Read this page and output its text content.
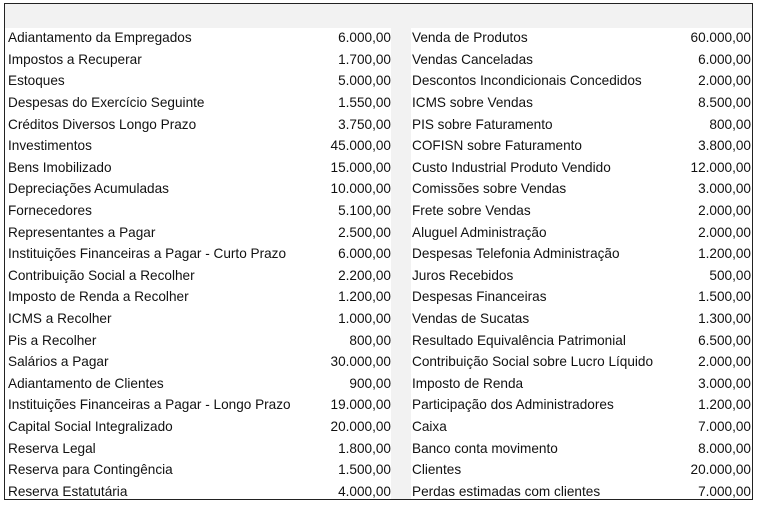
Adiantamento da Empregados	6.000,00
Impostos a Recuperar	1.700,00
Estoques	5.000,00
Despesas do Exercício Seguinte	1.550,00
Créditos Diversos Longo Prazo	3.750,00
Investimentos	45.000,00
Bens Imobilizado	15.000,00
Depreciações Acumuladas	10.000,00
Fornecedores	5.100,00
Representantes a Pagar	2.500,00
Instituições Financeiras a Pagar - Curto Prazo	6.000,00
Contribuição Social a Recolher	2.200,00
Imposto de Renda a Recolher	1.200,00
ICMS a Recolher	1.000,00
Pis a Recolher	800,00
Salários a Pagar	30.000,00
Adiantamento de Clientes	900,00
Instituições Financeiras a Pagar - Longo Prazo	19.000,00
Capital Social Integralizado	20.000,00
Reserva Legal	1.800,00
Reserva para Contingência	1.500,00
Reserva Estatutária	4.000,00
Venda de Produtos	60.000,00
Vendas Canceladas	6.000,00
Descontos Incondicionais Concedidos	2.000,00
ICMS sobre Vendas	8.500,00
PIS sobre Faturamento	800,00
COFISN sobre Faturamento	3.800,00
Custo Industrial Produto Vendido	12.000,00
Comissões sobre Vendas	3.000,00
Frete sobre Vendas	2.000,00
Aluguel Administração	2.000,00
Despesas Telefonia Administração	1.200,00
Juros Recebidos	500,00
Despesas Financeiras	1.500,00
Vendas de Sucatas	1.300,00
Resultado Equivalência Patrimonial	6.500,00
Contribuição Social sobre Lucro Líquido	2.000,00
Imposto de Renda	3.000,00
Participação dos Administradores	1.200,00
Caixa	7.000,00
Banco conta movimento	8.000,00
Clientes	20.000,00
Perdas estimadas com clientes	7.000,00
